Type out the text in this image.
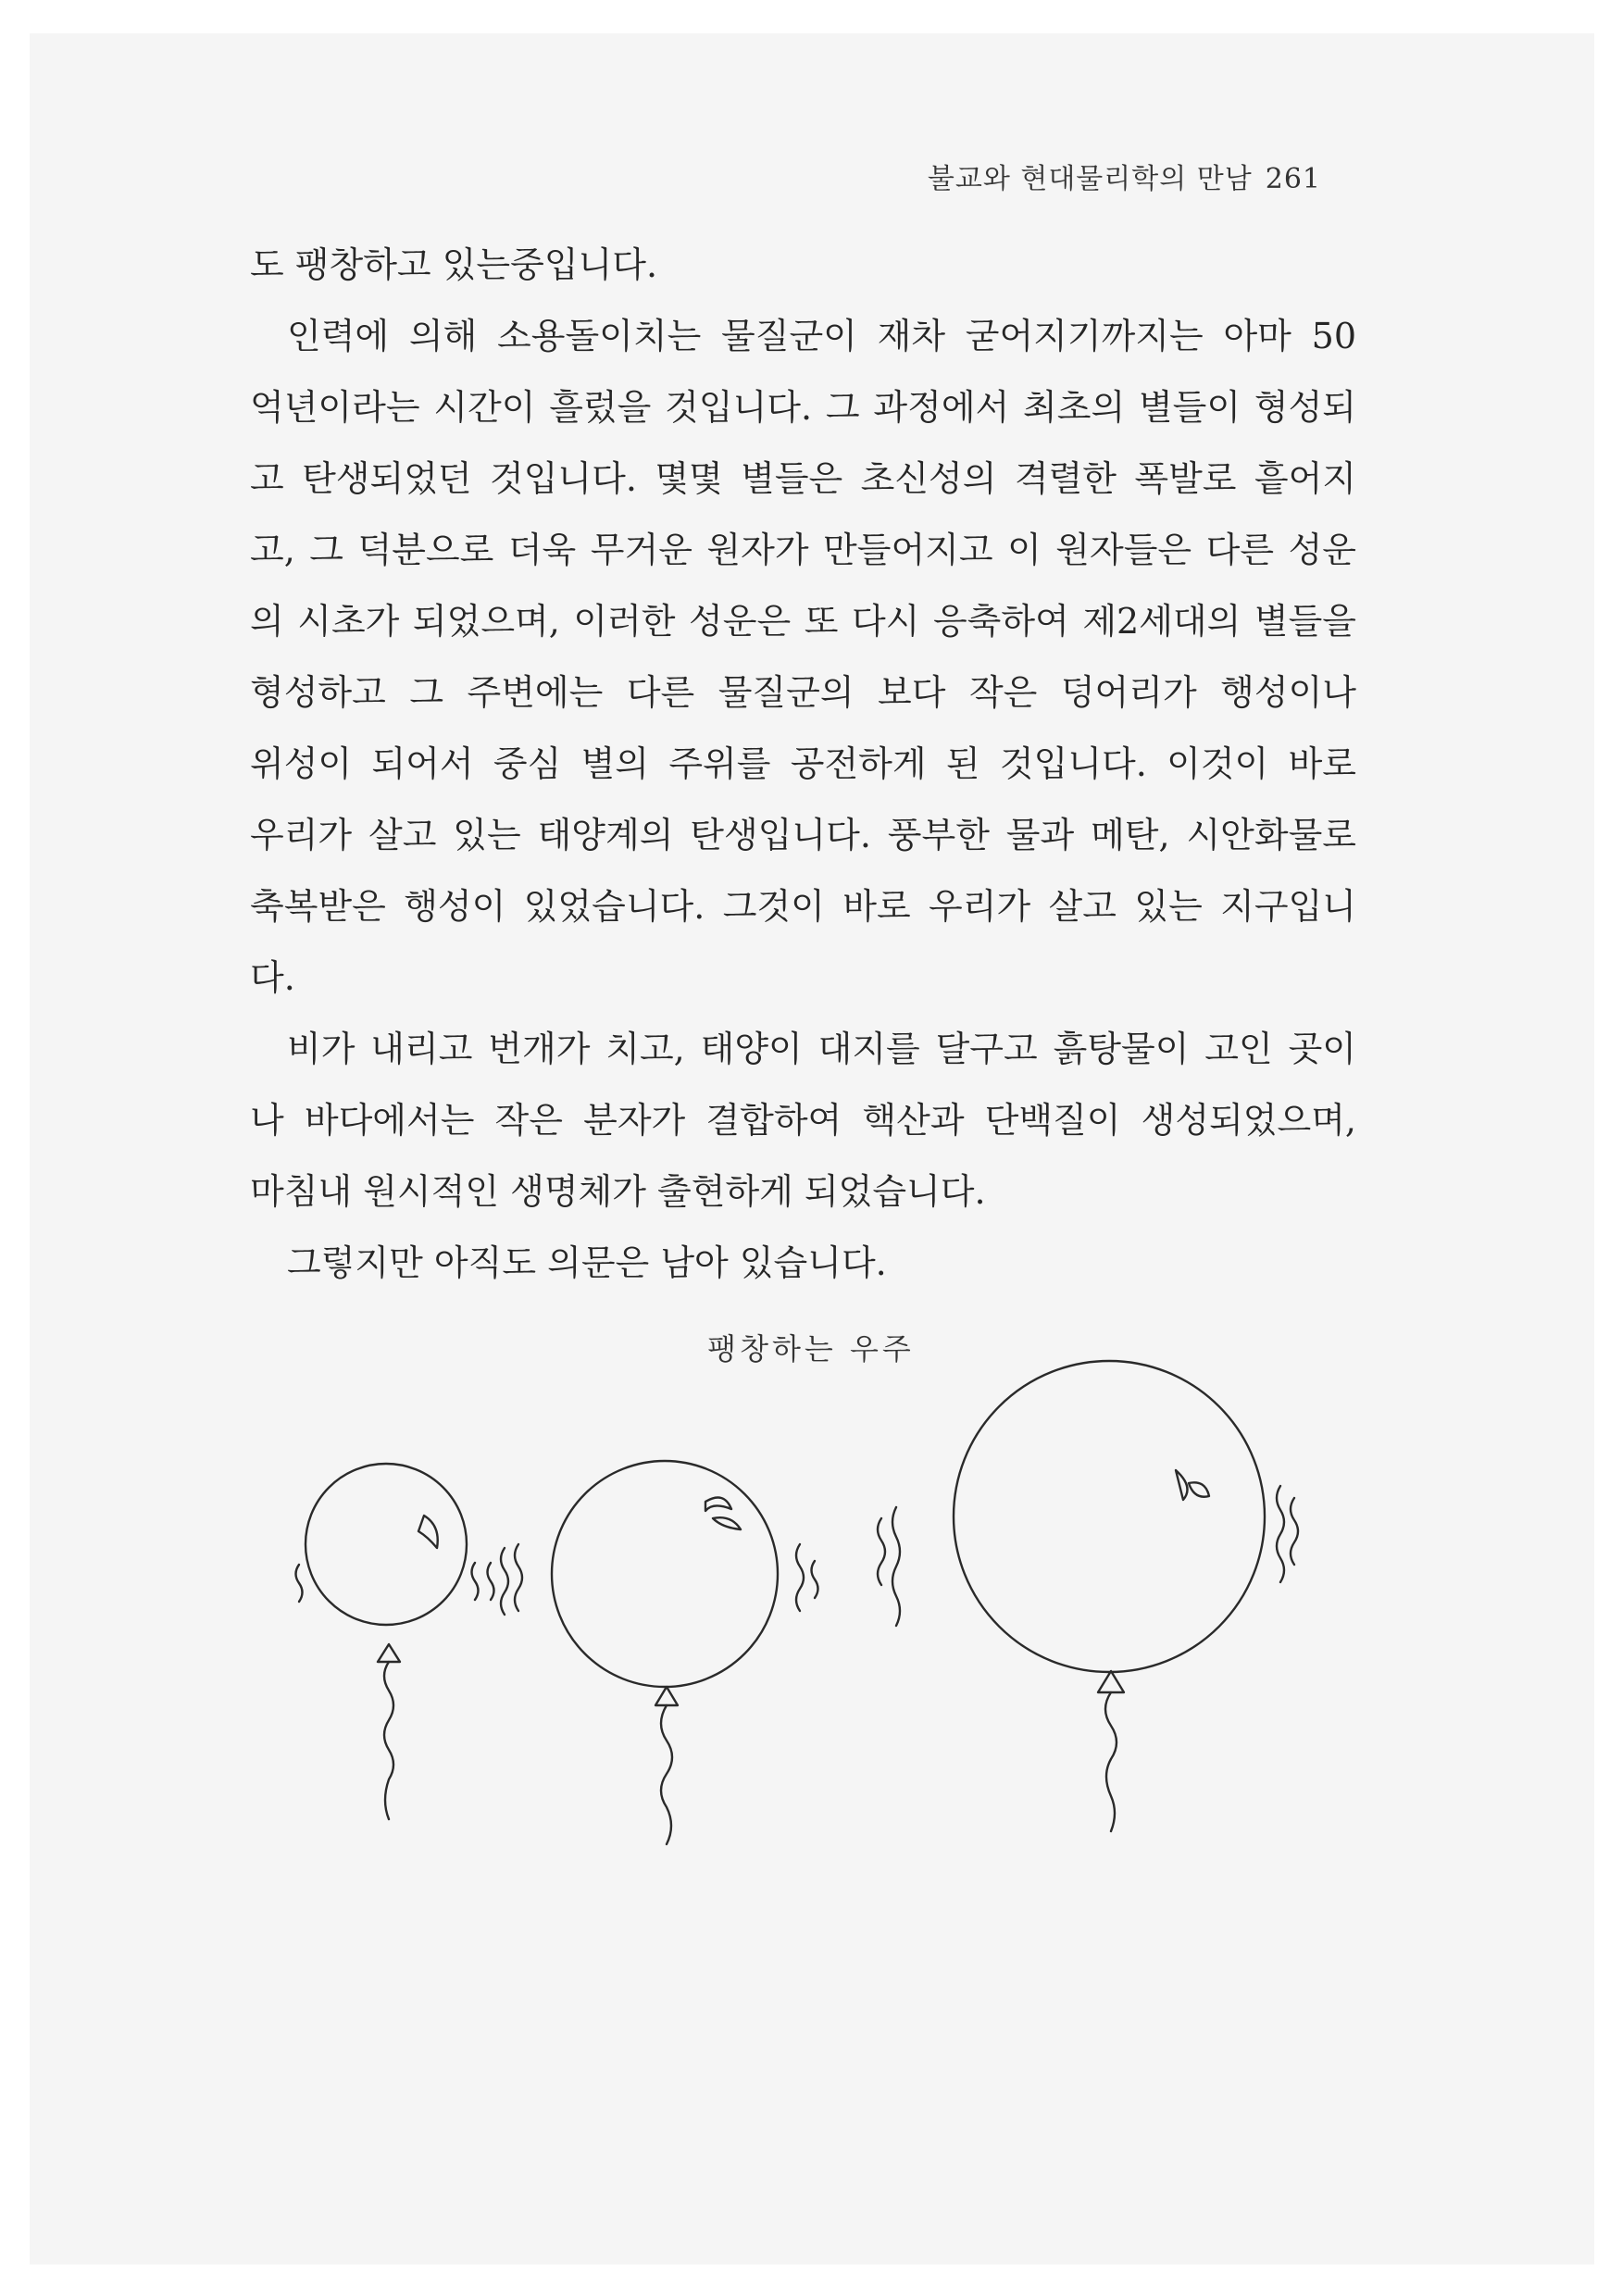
불교와 현대물리학의 만남 261
도 팽창하고 있는중입니다.
인력에 의해 소용돌이치는 물질군이 재차 굳어지기까지는 아마 50
억년이라는 시간이 흘렀을 것입니다. 그 과정에서 최초의 별들이 형성되
고 탄생되었던 것입니다. 몇몇 별들은 초신성의 격렬한 폭발로 흩어지
고, 그 덕분으로 더욱 무거운 원자가 만들어지고 이 원자들은 다른 성운
의 시초가 되었으며, 이러한 성운은 또 다시 응축하여 제2세대의 별들을
형성하고 그 주변에는 다른 물질군의 보다 작은 덩어리가 행성이나
위성이 되어서 중심 별의 주위를 공전하게 된 것입니다. 이것이 바로
우리가 살고 있는 태양계의 탄생입니다. 풍부한 물과 메탄, 시안화물로
축복받은 행성이 있었습니다. 그것이 바로 우리가 살고 있는 지구입니
다.
비가 내리고 번개가 치고, 태양이 대지를 달구고 흙탕물이 고인 곳이
나 바다에서는 작은 분자가 결합하여 핵산과 단백질이 생성되었으며,
마침내 원시적인 생명체가 출현하게 되었습니다.
그렇지만 아직도 의문은 남아 있습니다.
팽창하는 우주
